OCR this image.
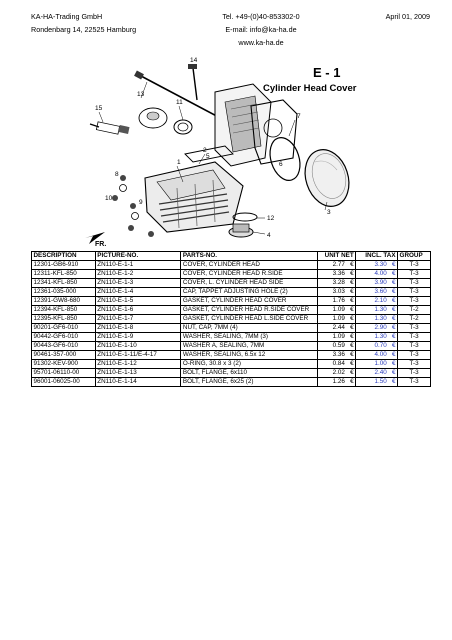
KA-HA-Trading GmbH
Rondenbarg 14, 22525 Hamburg
Tel. +49-(0)40-853302-0
E-mail: info@ka-ha.de
www.ka-ha.de
April 01, 2009
E - 1
Cylinder Head Cover
FR.
1
2
3
4
5
6
7
8
9
10
11
12
13
14
15
DESCRIPTION	PICTURE-NO.	PARTS-NO.	UNIT NET	INCL. TAX	GROUP
12301-GB6-910	ZN110-E-1-1	COVER, CYLINDER HEAD	2.77 €	3.30 €	T-3
12311-KFL-850	ZN110-E-1-2	COVER, CYLINDER HEAD R.SIDE	3.36 €	4.00 €	T-3
12341-KFL-850	ZN110-E-1-3	COVER, L. CYLINDER HEAD SIDE	3.28 €	3.90 €	T-3
12361-035-000	ZN110-E-1-4	CAP, TAPPET ADJUSTING HOLE (2)	3.03 €	3.60 €	T-3
12391-GW8-680	ZN110-E-1-5	GASKET, CYLINDER HEAD COVER	1.76 €	2.10 €	T-3
12394-KFL-850	ZN110-E-1-6	GASKET, CYLINDER HEAD R.SIDE COVER	1.09 €	1.30 €	T-2
12395-KFL-850	ZN110-E-1-7	GASKET, CYLINDER HEAD L.SIDE COVER	1.09 €	1.30 €	T-2
90201-GF6-010	ZN110-E-1-8	NUT, CAP, 7MM (4)	2.44 €	2.90 €	T-3
90442-GF6-010	ZN110-E-1-9	WASHER, SEALING, 7MM (3)	1.09 €	1.30 €	T-3
90443-GF6-010	ZN110-E-1-10	WASHER A, SEALING, 7MM	0.59 €	0.70 €	T-3
90461-357-000	ZN110-E-1-11/E-4-17	WASHER, SEALING, 6.5x 12	3.36 €	4.00 €	T-3
91302-KEV-900	ZN110-E-1-12	O-RING, 30.8 x 3 (2)	0.84 €	1.00 €	T-3
95701-06110-00	ZN110-E-1-13	BOLT, FLANGE, 6x110	2.02 €	2.40 €	T-3
96001-06025-00	ZN110-E-1-14	BOLT, FLANGE, 6x25 (2)	1.26 €	1.50 €	T-3
